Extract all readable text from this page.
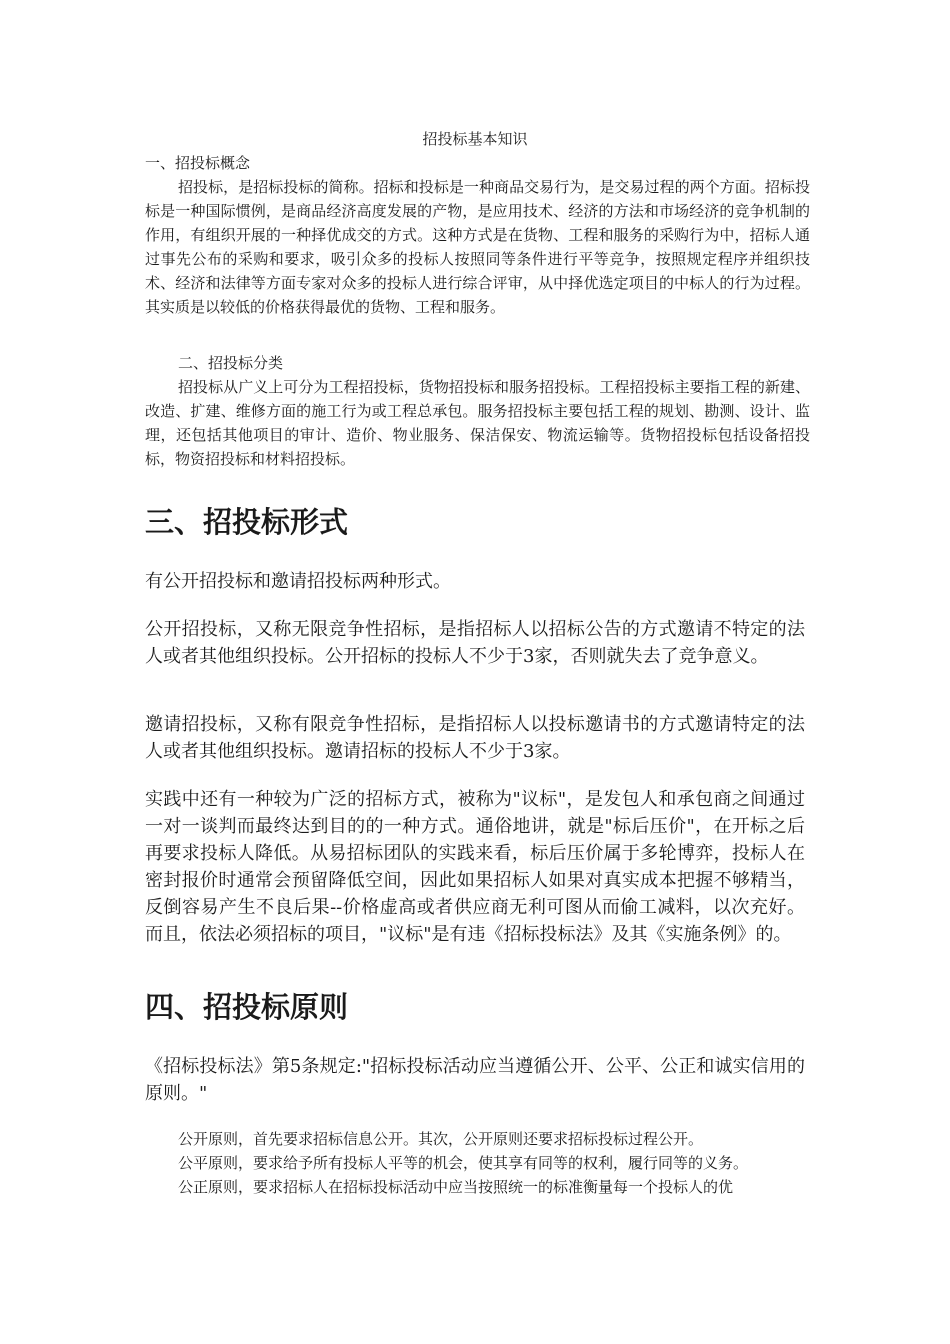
招投标基本知识

一、招投标概念

招投标，是招标投标的简称。招标和投标是一种商品交易行为，是交易过程的两个方面。招标投标是一种国际惯例，是商品经济高度发展的产物，是应用技术、经济的方法和市场经济的竞争机制的作用，有组织开展的一种择优成交的方式。这种方式是在货物、工程和服务的采购行为中，招标人通过事先公布的采购和要求，吸引众多的投标人按照同等条件进行平等竞争，按照规定程序并组织技术、经济和法律等方面专家对众多的投标人进行综合评审，从中择优选定项目的中标人的行为过程。其实质是以较低的价格获得最优的货物、工程和服务。

二、招投标分类

招投标从广义上可分为工程招投标，货物招投标和服务招投标。工程招投标主要指工程的新建、改造、扩建、维修方面的施工行为或工程总承包。服务招投标主要包括工程的规划、勘测、设计、监理，还包括其他项目的审计、造价、物业服务、保洁保安、物流运输等。货物招投标包括设备招投标，物资招投标和材料招投标。

三、招投标形式

有公开招投标和邀请招投标两种形式。

公开招投标，又称无限竞争性招标，是指招标人以招标公告的方式邀请不特定的法人或者其他组织投标。公开招标的投标人不少于3家，否则就失去了竞争意义。

邀请招投标，又称有限竞争性招标，是指招标人以投标邀请书的方式邀请特定的法人或者其他组织投标。邀请招标的投标人不少于3家。

实践中还有一种较为广泛的招标方式，被称为"议标"，是发包人和承包商之间通过一对一谈判而最终达到目的的一种方式。通俗地讲，就是"标后压价"，在开标之后再要求投标人降低。从易招标团队的实践来看，标后压价属于多轮博弈，投标人在密封报价时通常会预留降低空间，因此如果招标人如果对真实成本把握不够精当，反倒容易产生不良后果--价格虚高或者供应商无利可图从而偷工减料，以次充好。而且，依法必须招标的项目，"议标"是有违《招标投标法》及其《实施条例》的。

四、招投标原则

《招标投标法》第5条规定:"招标投标活动应当遵循公开、公平、公正和诚实信用的原则。"

公开原则，首先要求招标信息公开。其次，公开原则还要求招标投标过程公开。

公平原则，要求给予所有投标人平等的机会，使其享有同等的权利，履行同等的义务。

公正原则，要求招标人在招标投标活动中应当按照统一的标准衡量每一个投标人的优
